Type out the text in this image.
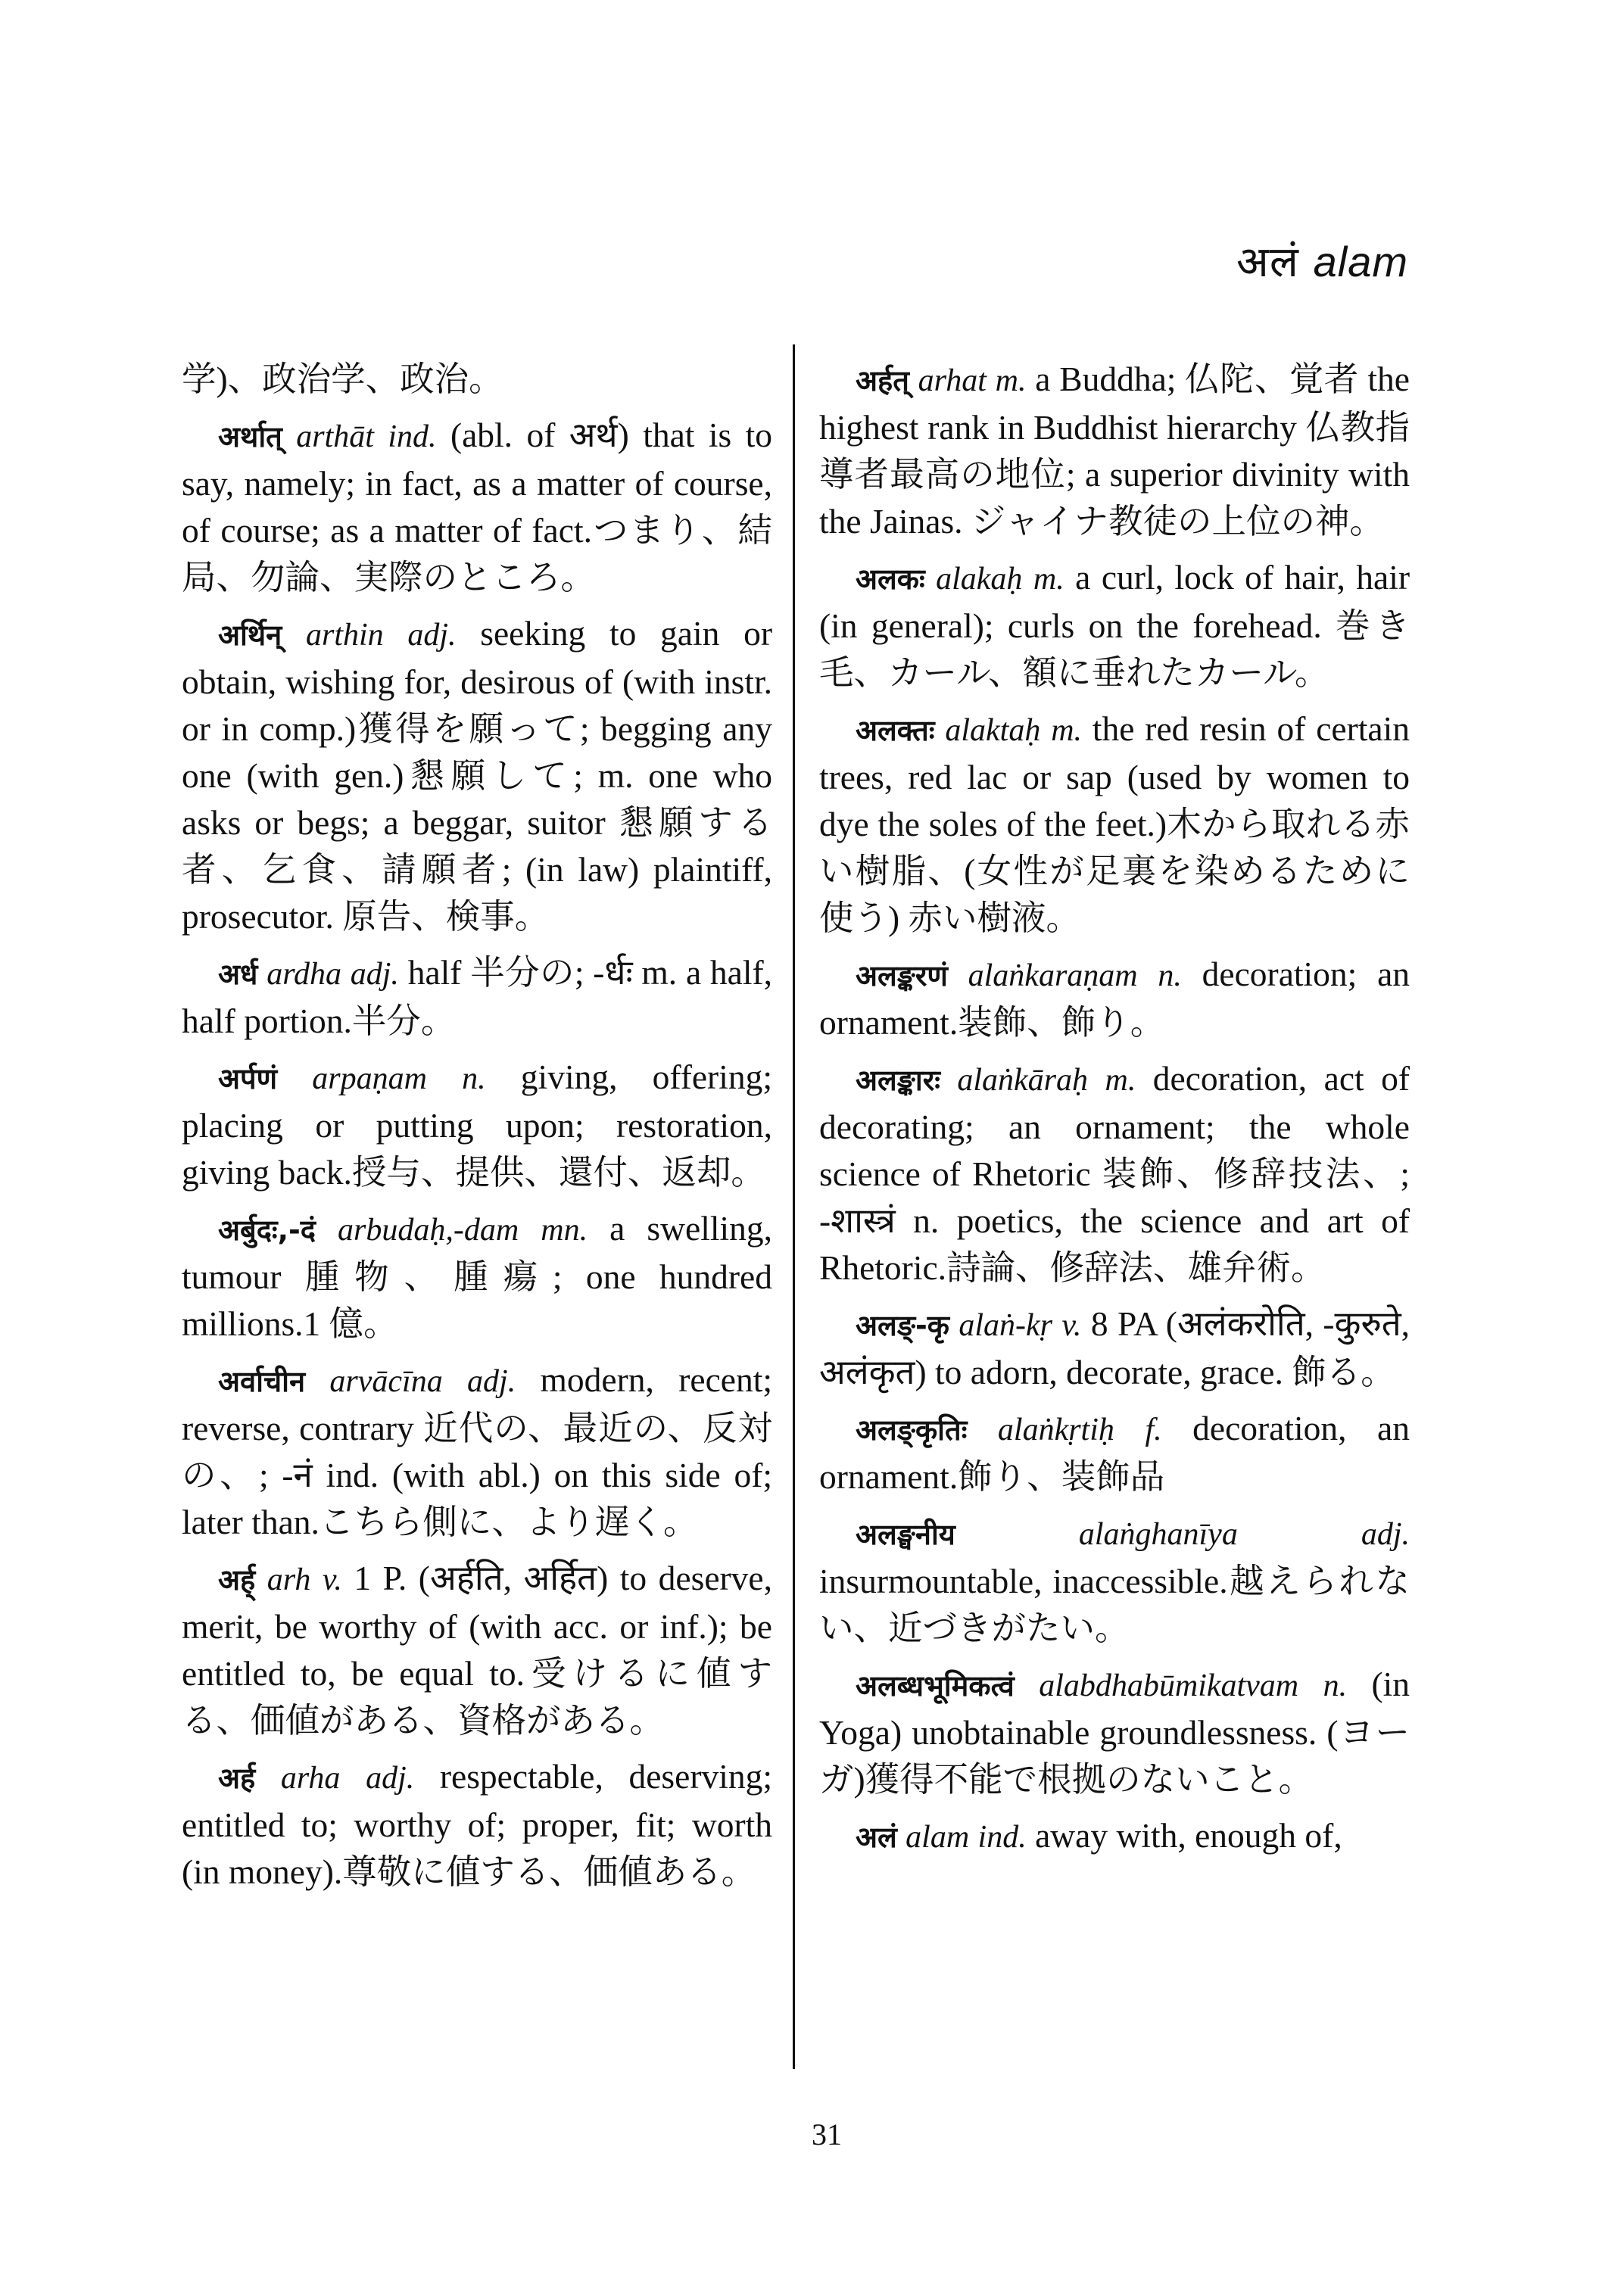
अलं alam

学)、政治学、政治。

अर्थात् arthāt ind. (abl. of अर्थ) that is to say, namely; in fact, as a matter of course, of course; as a matter of fact.つまり、結局、勿論、実際のところ。

अर्थिन् arthin adj. seeking to gain or obtain, wishing for, desirous of (with instr. or in comp.)獲得を願って; begging any one (with gen.)懇願して; m. one who asks or begs; a beggar, suitor 懇願する者、乞食、請願者; (in law) plaintiff, prosecutor. 原告、検事。

अर्ध ardha adj. half 半分の; -र्धः m. a half, half portion.半分。

अर्पणं arpaṇam n. giving, offering; placing or putting upon; restoration, giving back.授与、提供、還付、返却。

अर्बुदः,-दं arbudaḥ,-dam mn. a swelling, tumour 腫物、腫瘍; one hundred millions.1 億。

अर्वाचीन arvācīna adj. modern, recent; reverse, contrary 近代の、最近の、反対の、; -नं ind. (with abl.) on this side of; later than.こちら側に、より遅く。

अर्ह् arh v. 1 P. (अर्हति, अर्हित) to deserve, merit, be worthy of (with acc. or inf.); be entitled to, be equal to.受けるに値する、価値がある、資格がある。

अर्ह arha adj. respectable, deserving; entitled to; worthy of; proper, fit; worth (in money).尊敬に値する、価値ある。

अर्हत् arhat m. a Buddha; 仏陀、覚者 the highest rank in Buddhist hierarchy 仏教指導者最高の地位; a superior divinity with the Jainas. ジャイナ教徒の上位の神。

अलकः alakaḥ m. a curl, lock of hair, hair (in general); curls on the forehead. 巻き毛、カール、額に垂れたカール。

अलक्तः alaktaḥ m. the red resin of certain trees, red lac or sap (used by women to dye the soles of the feet.)木から取れる赤い樹脂、(女性が足裏を染めるために使う) 赤い樹液。

अलङ्करणं alaṅkaraṇam n. decoration; an ornament.装飾、飾り。

अलङ्कारः alaṅkāraḥ m. decoration, act of decorating; an ornament; the whole science of Rhetoric 装飾、修辞技法、; -शास्त्रं n. poetics, the science and art of Rhetoric.詩論、修辞法、雄弁術。

अलङ्-कृ alaṅ-kṛ v. 8 PA (अलंकरोति, -कुरुते, अलंकृत) to adorn, decorate, grace. 飾る。

अलङ्कृतिः alaṅkṛtiḥ f. decoration, an ornament.飾り、装飾品

अलङ्घनीय	alaṅghanīya	adj. insurmountable, inaccessible.越えられない、近づきがたい。

अलब्धभूमिकत्वं alabdhabūmikatvam n. (in Yoga) unobtainable groundlessness. (ヨーガ)獲得不能で根拠のないこと。

अलं alam ind. away with, enough of,

31
